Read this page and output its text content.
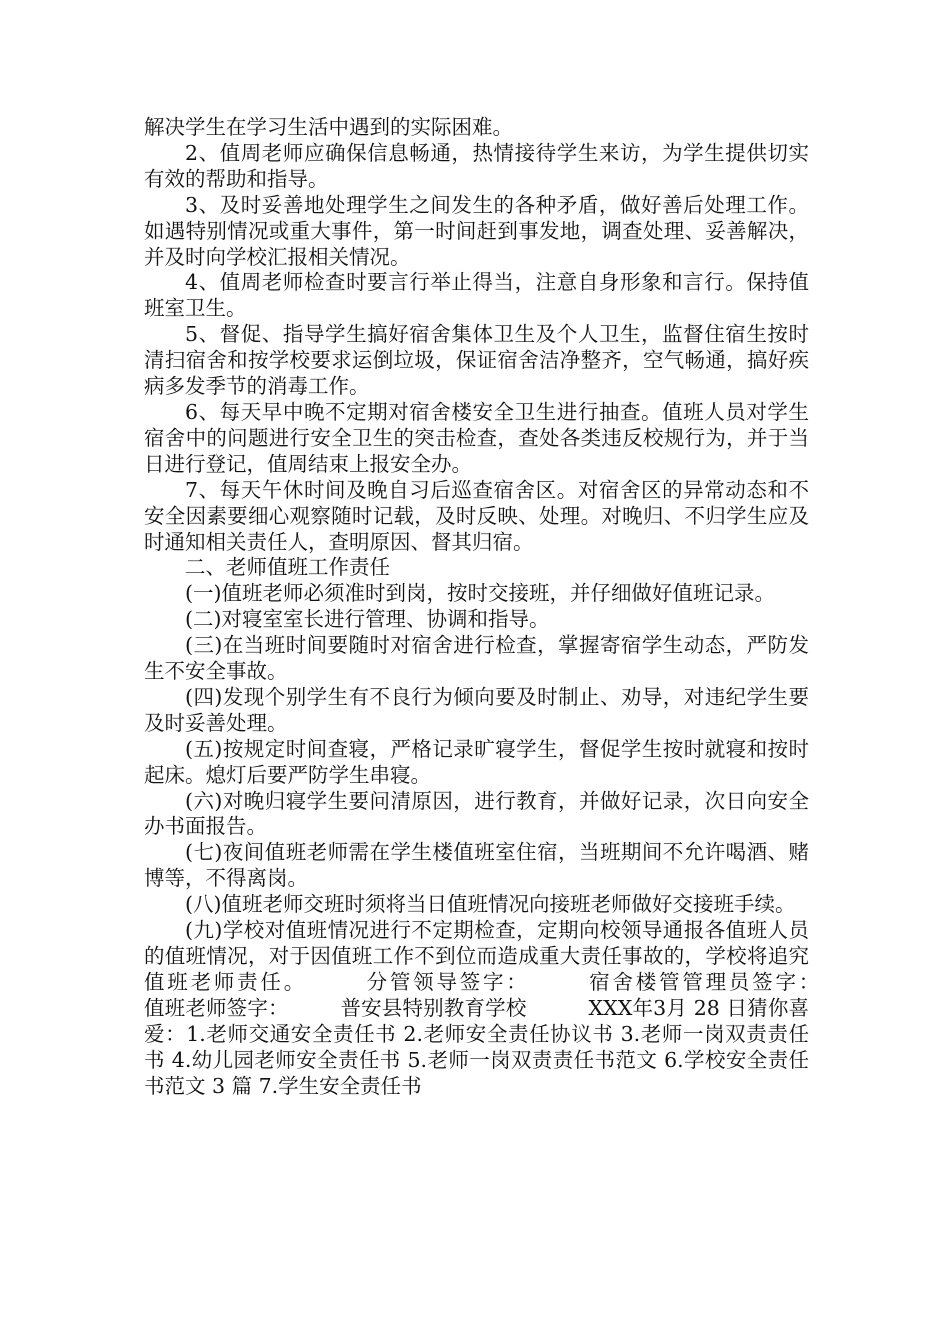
解决学生在学习生活中遇到的实际困难。

2、值周老师应确保信息畅通，热情接待学生来访，为学生提供切实有效的帮助和指导。

3、及时妥善地处理学生之间发生的各种矛盾，做好善后处理工作。如遇特别情况或重大事件，第一时间赶到事发地，调查处理、妥善解决，并及时向学校汇报相关情况。

4、值周老师检查时要言行举止得当，注意自身形象和言行。保持值班室卫生。

5、督促、指导学生搞好宿舍集体卫生及个人卫生，监督住宿生按时清扫宿舍和按学校要求运倒垃圾，保证宿舍洁净整齐，空气畅通，搞好疾病多发季节的消毒工作。

6、每天早中晚不定期对宿舍楼安全卫生进行抽查。值班人员对学生宿舍中的问题进行安全卫生的突击检查，查处各类违反校规行为，并于当日进行登记，值周结束上报安全办。

7、每天午休时间及晚自习后巡查宿舍区。对宿舍区的异常动态和不安全因素要细心观察随时记载，及时反映、处理。对晚归、不归学生应及时通知相关责任人，查明原因、督其归宿。

二、老师值班工作责任

(一)值班老师必须准时到岗，按时交接班，并仔细做好值班记录。

(二)对寝室室长进行管理、协调和指导。

(三)在当班时间要随时对宿舍进行检查，掌握寄宿学生动态，严防发生不安全事故。

(四)发现个别学生有不良行为倾向要及时制止、劝导，对违纪学生要及时妥善处理。

(五)按规定时间查寝，严格记录旷寝学生，督促学生按时就寝和按时起床。熄灯后要严防学生串寝。

(六)对晚归寝学生要问清原因，进行教育，并做好记录，次日向安全办书面报告。

(七)夜间值班老师需在学生楼值班室住宿，当班期间不允许喝酒、赌博等，不得离岗。

(八)值班老师交班时须将当日值班情况向接班老师做好交接班手续。

(九)学校对值班情况进行不定期检查，定期向校领导通报各值班人员的值班情况，对于因值班工作不到位而造成重大责任事故的，学校将追究值班老师责任。　　　分管领导签字：　　　宿舍楼管管理员签字：　　　值班老师签字：　　　普安县特别教育学校　　　XXX年3月 28 日猜你喜爱：1.老师交通安全责任书 2.老师安全责任协议书 3.老师一岗双责责任书 4.幼儿园老师安全责任书 5.老师一岗双责责任书范文 6.学校安全责任书范文 3 篇 7.学生安全责任书
